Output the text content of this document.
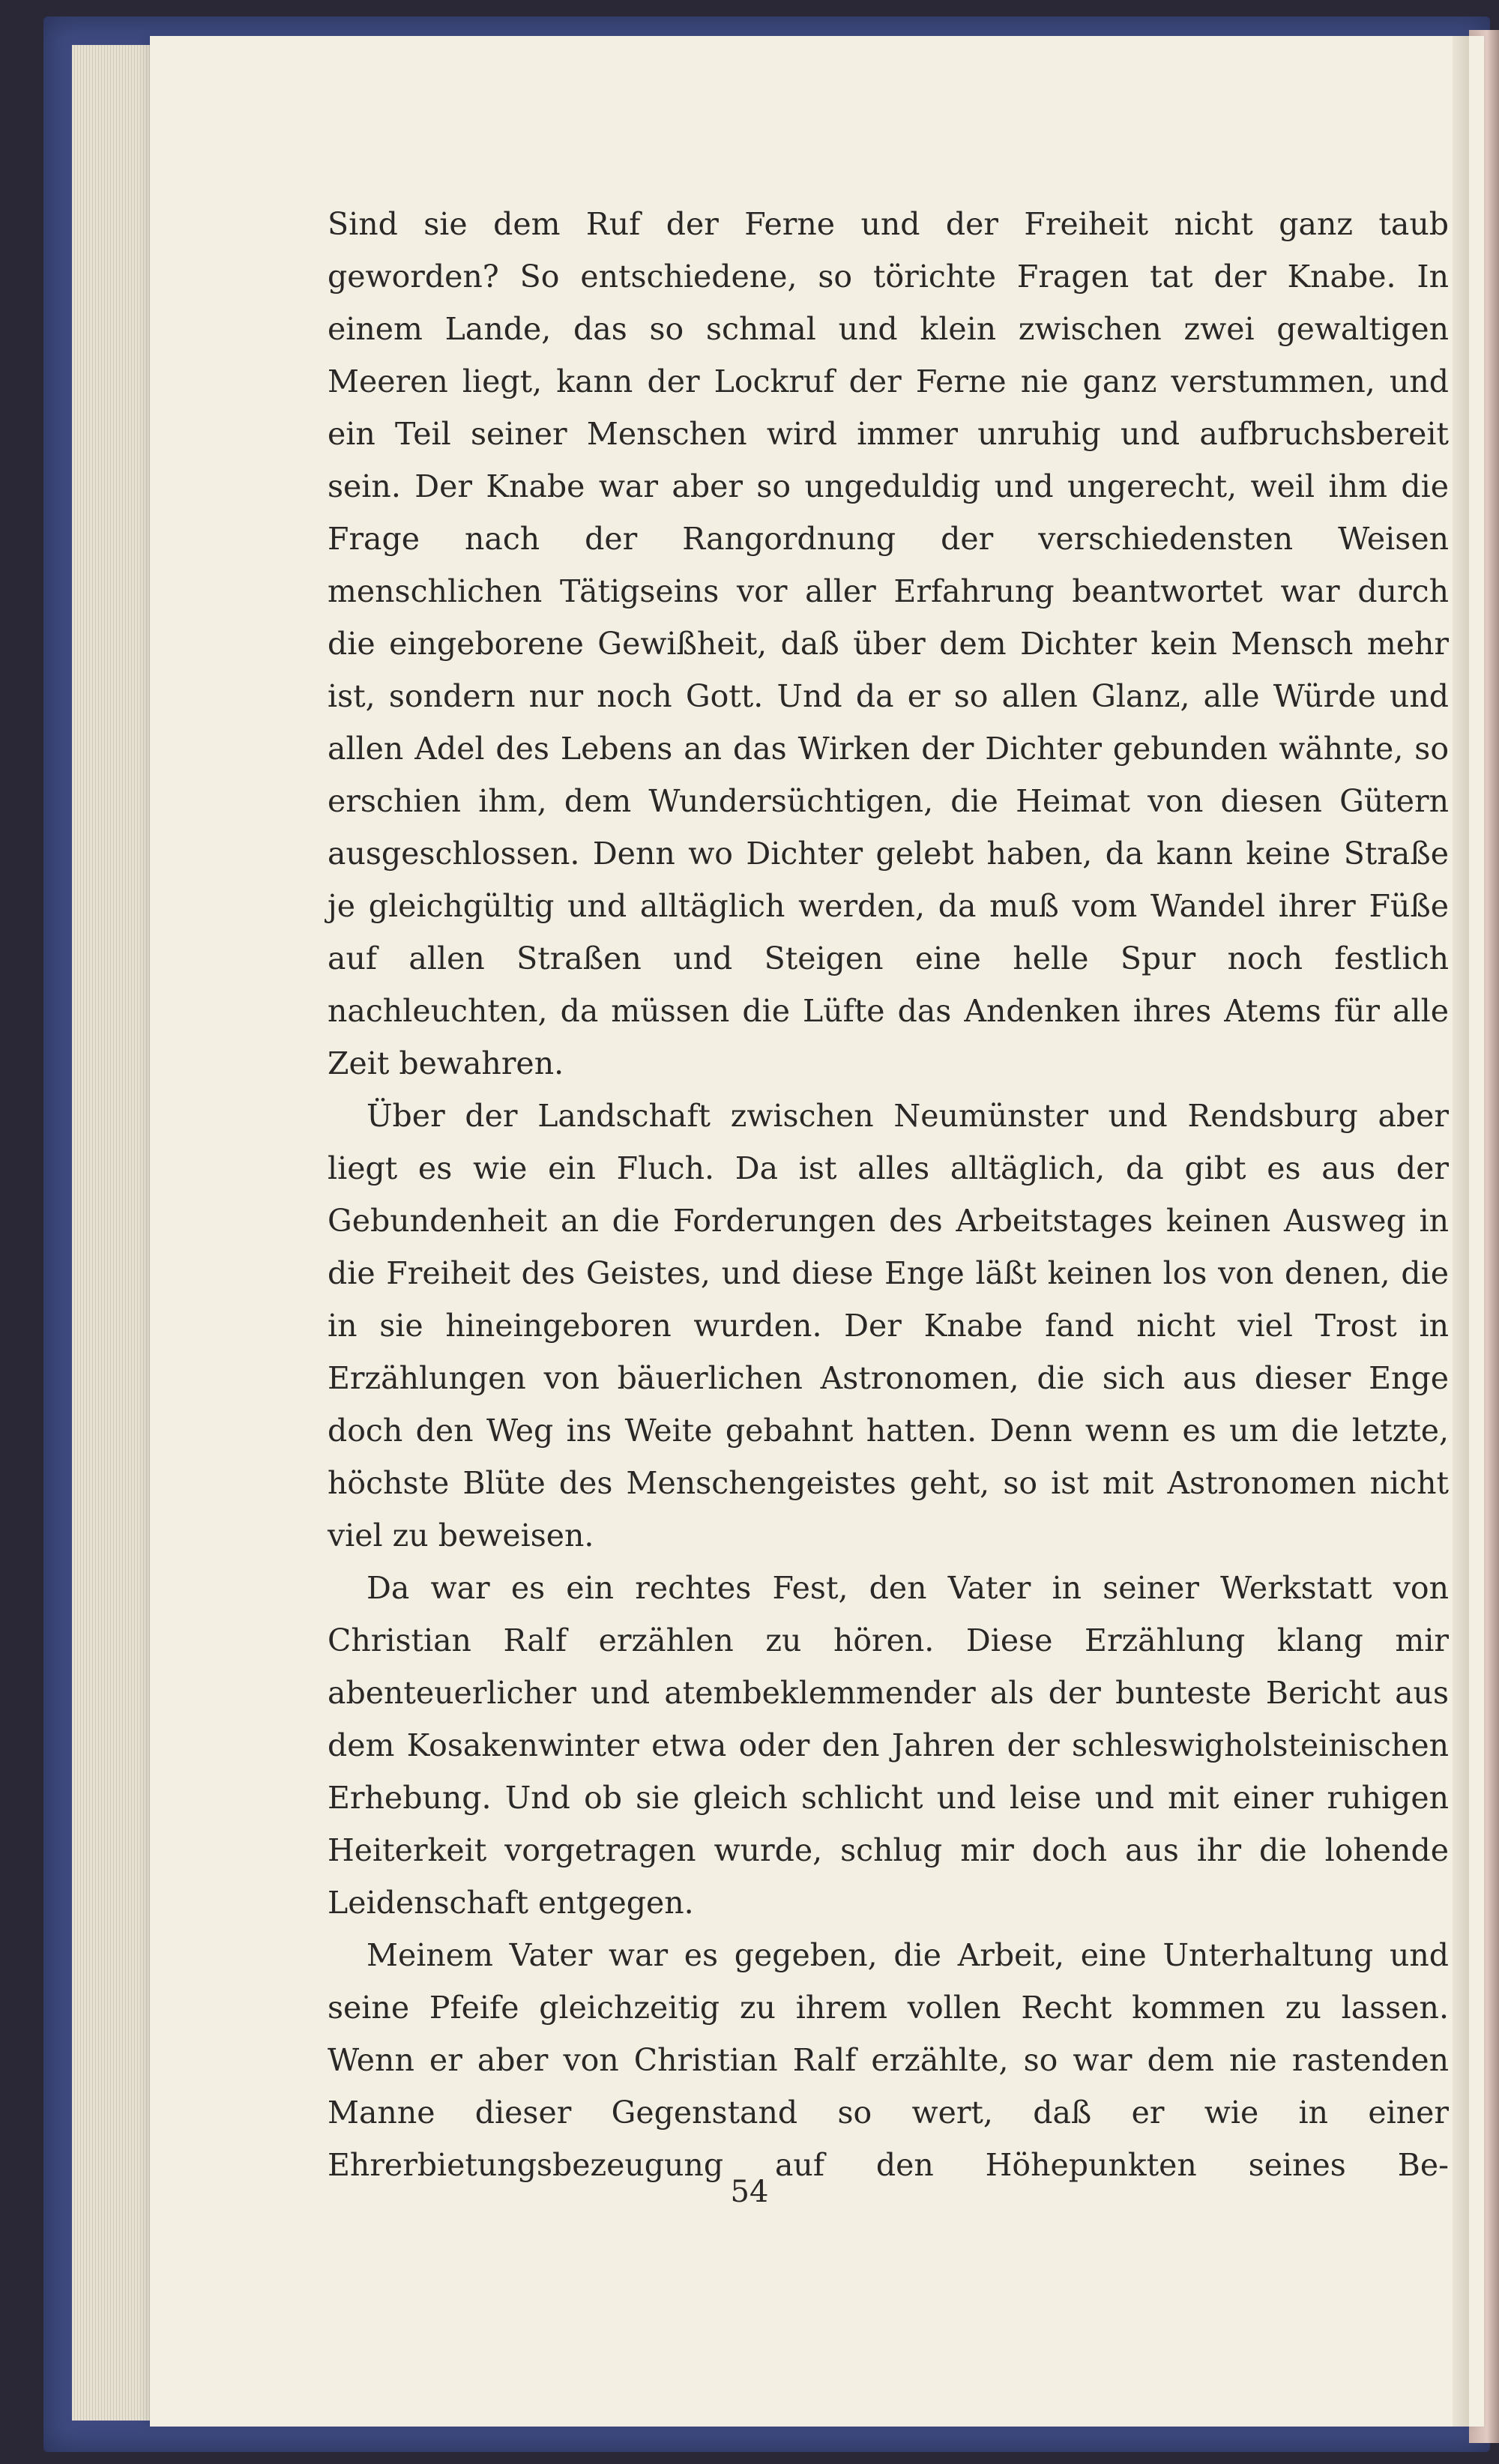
Sind sie dem Ruf der Ferne und der Freiheit nicht ganz taub geworden? So entschiedene, so törichte Fragen tat der Knabe. In einem Lande, das so schmal und klein zwischen zwei gewaltigen Meeren liegt, kann der Lockruf der Ferne nie ganz verstummen, und ein Teil seiner Menschen wird immer unruhig und aufbruchsbereit sein. Der Knabe war aber so ungeduldig und ungerecht, weil ihm die Frage nach der Rangordnung der verschiedensten Weisen menschlichen Tätigseins vor aller Erfahrung beantwortet war durch die eingeborene Gewißheit, daß über dem Dichter kein Mensch mehr ist, sondern nur noch Gott. Und da er so allen Glanz, alle Würde und allen Adel des Lebens an das Wirken der Dichter gebunden wähnte, so erschien ihm, dem Wundersüchtigen, die Heimat von diesen Gütern ausgeschlossen. Denn wo Dichter gelebt haben, da kann keine Straße je gleichgültig und alltäglich werden, da muß vom Wandel ihrer Füße auf allen Straßen und Steigen eine helle Spur noch festlich nachleuchten, da müssen die Lüfte das Andenken ihres Atems für alle Zeit bewahren.

Über der Landschaft zwischen Neumünster und Rendsburg aber liegt es wie ein Fluch. Da ist alles alltäglich, da gibt es aus der Gebundenheit an die Forderungen des Arbeitstages keinen Ausweg in die Freiheit des Geistes, und diese Enge läßt keinen los von denen, die in sie hineingeboren wurden. Der Knabe fand nicht viel Trost in Erzählungen von bäuerlichen Astronomen, die sich aus dieser Enge doch den Weg ins Weite gebahnt hatten. Denn wenn es um die letzte, höchste Blüte des Menschengeistes geht, so ist mit Astronomen nicht viel zu beweisen.

Da war es ein rechtes Fest, den Vater in seiner Werkstatt von Christian Ralf erzählen zu hören. Diese Erzählung klang mir abenteuerlicher und atembeklemmender als der bunteste Bericht aus dem Kosakenwinter etwa oder den Jahren der schleswigholsteinischen Erhebung. Und ob sie gleich schlicht und leise und mit einer ruhigen Heiterkeit vorgetragen wurde, schlug mir doch aus ihr die lohende Leidenschaft entgegen.

Meinem Vater war es gegeben, die Arbeit, eine Unterhaltung und seine Pfeife gleichzeitig zu ihrem vollen Recht kommen zu lassen. Wenn er aber von Christian Ralf erzählte, so war dem nie rastenden Manne dieser Gegenstand so wert, daß er wie in einer Ehrerbietungsbezeugung auf den Höhepunkten seines Be-

54
